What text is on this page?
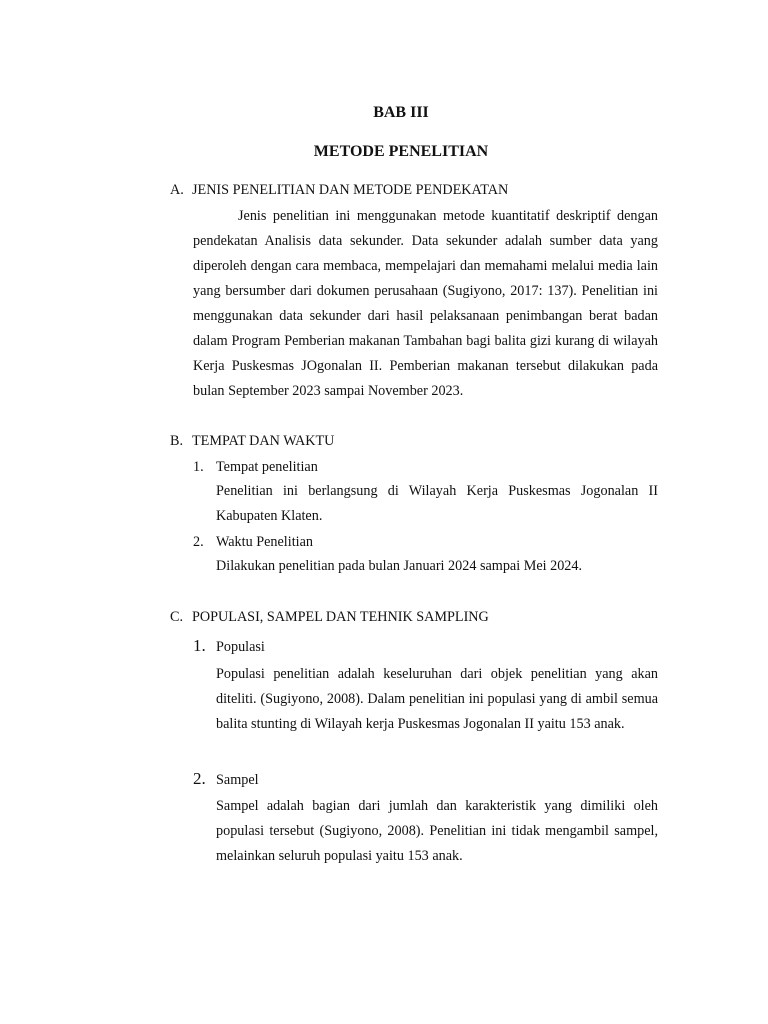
BAB III
METODE PENELITIAN
A. JENIS PENELITIAN DAN METODE PENDEKATAN

Jenis penelitian ini menggunakan metode kuantitatif deskriptif dengan pendekatan Analisis data sekunder. Data sekunder adalah sumber data yang diperoleh dengan cara membaca, mempelajari dan memahami melalui media lain yang bersumber dari dokumen perusahaan (Sugiyono, 2017: 137). Penelitian ini menggunakan data sekunder dari hasil pelaksanaan penimbangan berat badan dalam Program Pemberian makanan Tambahan bagi balita gizi kurang di wilayah Kerja Puskesmas JOgonalan II. Pemberian makanan tersebut dilakukan pada bulan September 2023 sampai November 2023.

B. TEMPAT DAN WAKTU
1. Tempat penelitian

Penelitian ini berlangsung di Wilayah Kerja Puskesmas Jogonalan II Kabupaten Klaten.

2. Waktu Penelitian

Dilakukan penelitian pada bulan Januari 2024 sampai Mei 2024.

C. POPULASI, SAMPEL DAN TEHNIK SAMPLING
1. Populasi

Populasi penelitian adalah keseluruhan dari objek penelitian yang akan diteliti. (Sugiyono, 2008). Dalam penelitian ini populasi yang di ambil semua balita stunting di Wilayah kerja Puskesmas Jogonalan II yaitu 153 anak.

2. Sampel

Sampel adalah bagian dari jumlah dan karakteristik yang dimiliki oleh populasi tersebut (Sugiyono, 2008). Penelitian ini tidak mengambil sampel, melainkan seluruh populasi yaitu 153 anak.
